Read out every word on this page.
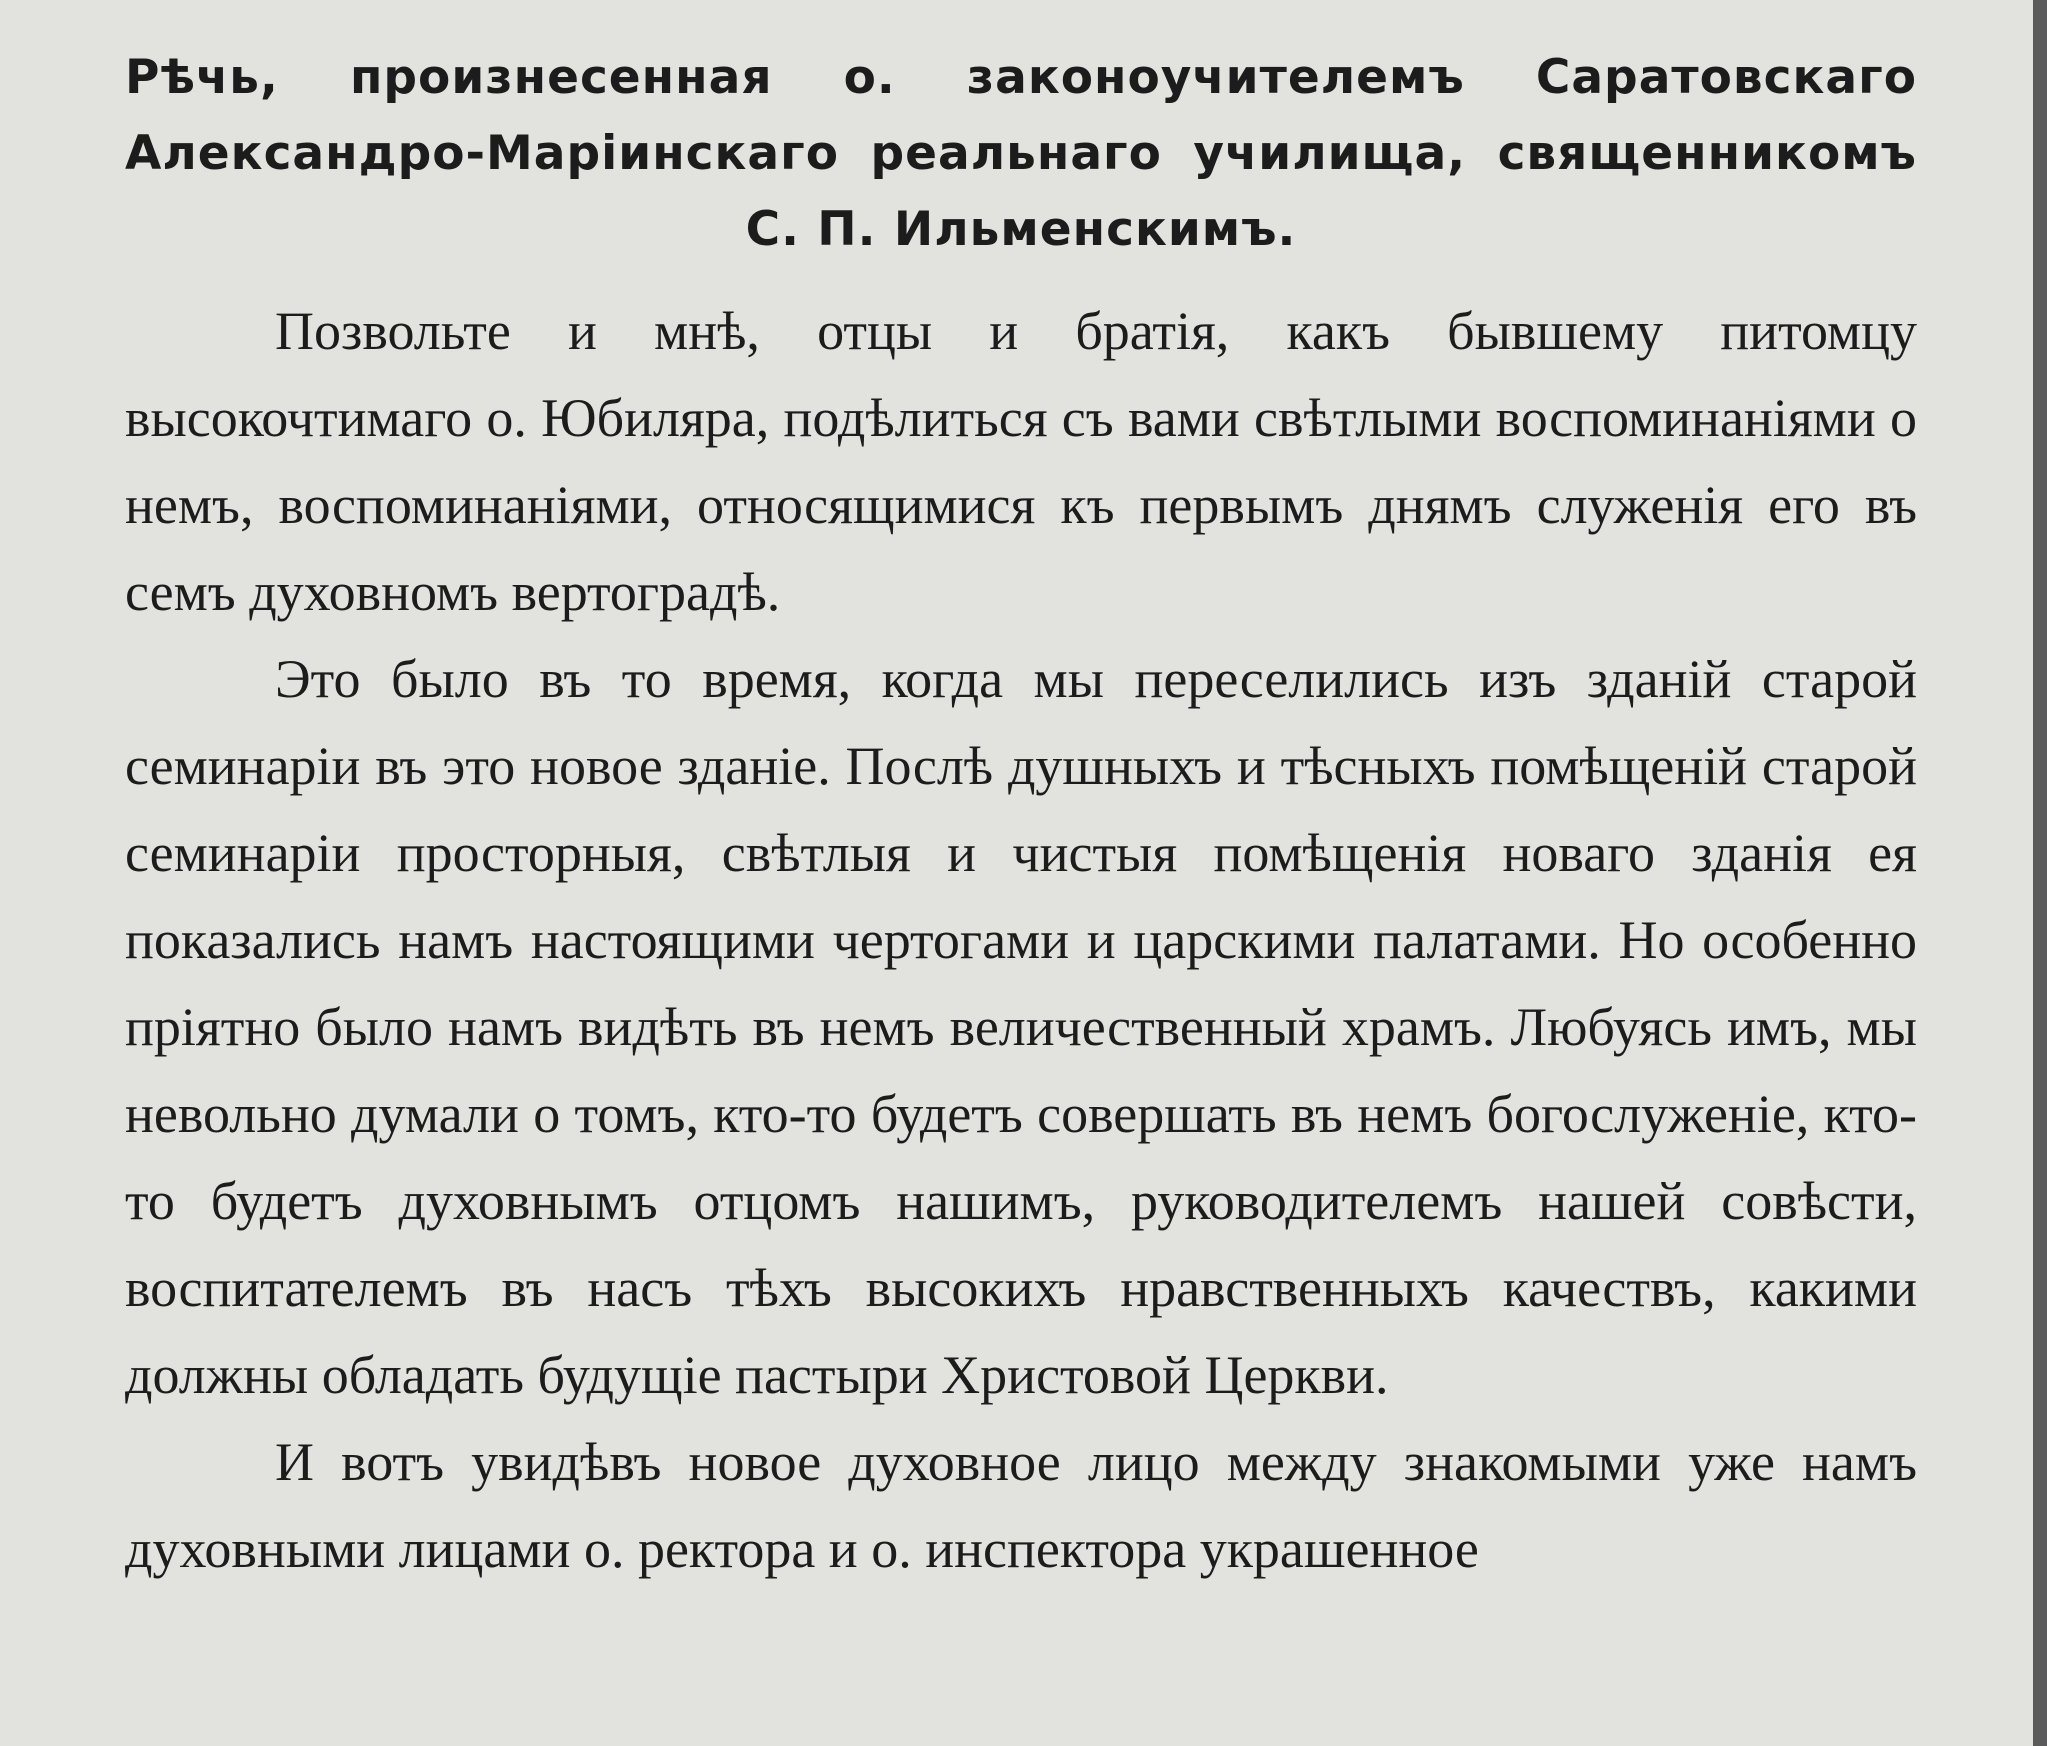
Рѣчь, произнесенная о. законоучителемъ Саратовскаго Александро-Маріинскаго реальнаго училища, священникомъ С. П. Ильменскимъ.

Позвольте и мнѣ, отцы и братія, какъ бывшему питомцу высокочтимаго о. Юбиляра, подѣлиться съ вами свѣтлыми воспоминаніями о немъ, воспоминаніями, относящимися къ первымъ днямъ служенія его въ семъ духовномъ вертоградѣ.

Это было въ то время, когда мы переселились изъ зданій старой семинаріи въ это новое зданіе. Послѣ душныхъ и тѣсныхъ помѣщеній старой семинаріи просторныя, свѣтлыя и чистыя помѣщенія новаго зданія ея показались намъ настоящими чертогами и царскими палатами. Но особенно пріятно было намъ видѣть въ немъ величественный храмъ. Любуясь имъ, мы невольно думали о томъ, кто-то будетъ совершать въ немъ богослуженіе, кто-то будетъ духовнымъ отцомъ нашимъ, руководителемъ нашей совѣсти, воспитателемъ въ насъ тѣхъ высокихъ нравственныхъ качествъ, какими должны обладать будущіе пастыри Христовой Церкви.

И вотъ увидѣвъ новое духовное лицо между знакомыми уже намъ духовными лицами о. ректора и о. инспектора украшенное
